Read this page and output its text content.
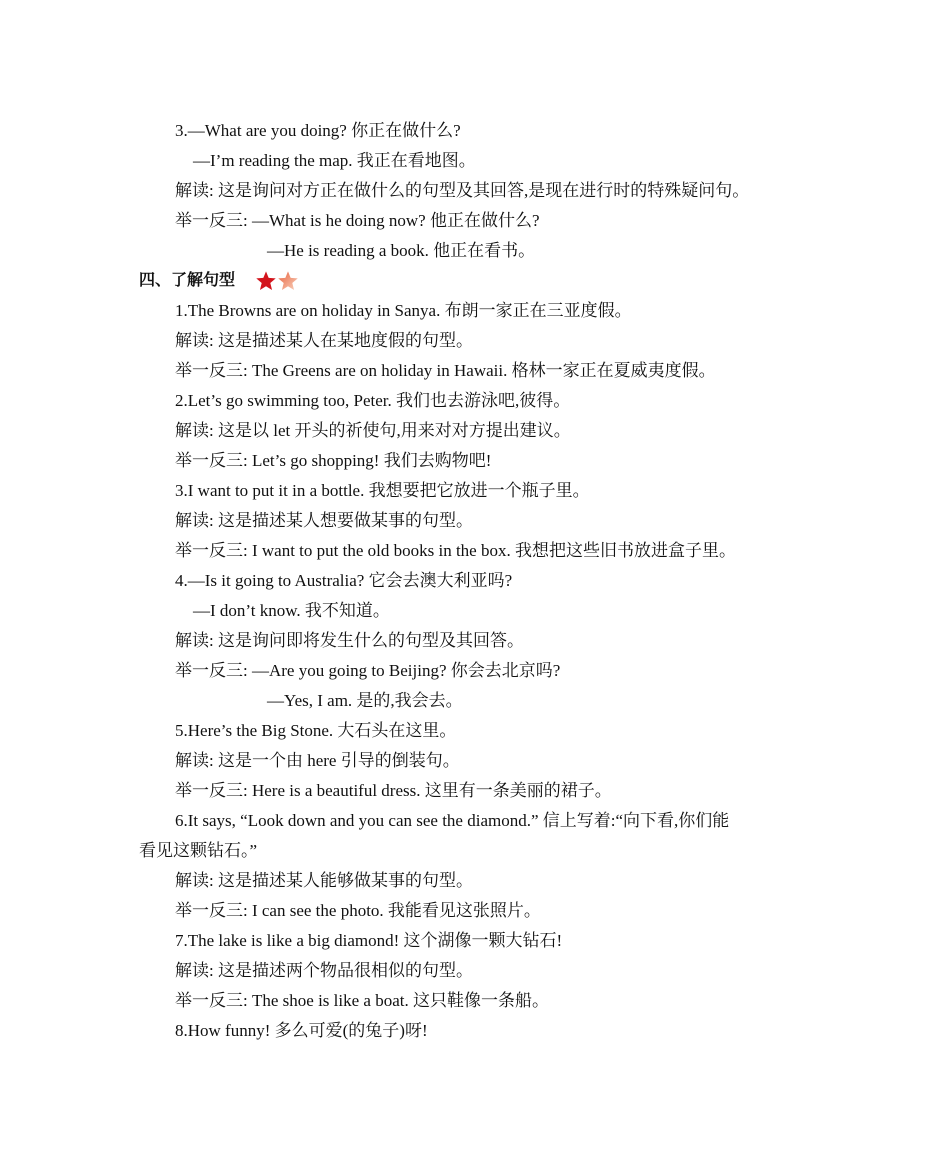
3.—What are you doing? 你正在做什么?
—I’m reading the map. 我正在看地图。
解读: 这是询问对方正在做什么的句型及其回答,是现在进行时的特殊疑问句。
举一反三: —What is he doing now? 他正在做什么?
—He is reading a book. 他正在看书。
四、了解句型
1.The Browns are on holiday in Sanya. 布朗一家正在三亚度假。
解读: 这是描述某人在某地度假的句型。
举一反三: The Greens are on holiday in Hawaii. 格林一家正在夏威夷度假。
2.Let’s go swimming too, Peter. 我们也去游泳吧,彼得。
解读: 这是以 let 开头的祈使句,用来对对方提出建议。
举一反三: Let’s go shopping! 我们去购物吧!
3.I want to put it in a bottle. 我想要把它放进一个瓶子里。
解读: 这是描述某人想要做某事的句型。
举一反三: I want to put the old books in the box. 我想把这些旧书放进盒子里。
4.—Is it going to Australia? 它会去澳大利亚吗?
—I don’t know. 我不知道。
解读: 这是询问即将发生什么的句型及其回答。
举一反三: —Are you going to Beijing? 你会去北京吗?
—Yes, I am. 是的,我会去。
5.Here’s the Big Stone. 大石头在这里。
解读: 这是一个由 here 引导的倒装句。
举一反三: Here is a beautiful dress. 这里有一条美丽的裙子。
6.It says, “Look down and you can see the diamond.” 信上写着:“向下看,你们能
看见这颗钻石。”
解读: 这是描述某人能够做某事的句型。
举一反三: I can see the photo. 我能看见这张照片。
7.The lake is like a big diamond! 这个湖像一颗大钻石!
解读: 这是描述两个物品很相似的句型。
举一反三: The shoe is like a boat. 这只鞋像一条船。
8.How funny! 多么可爱(的兔子)呀!
